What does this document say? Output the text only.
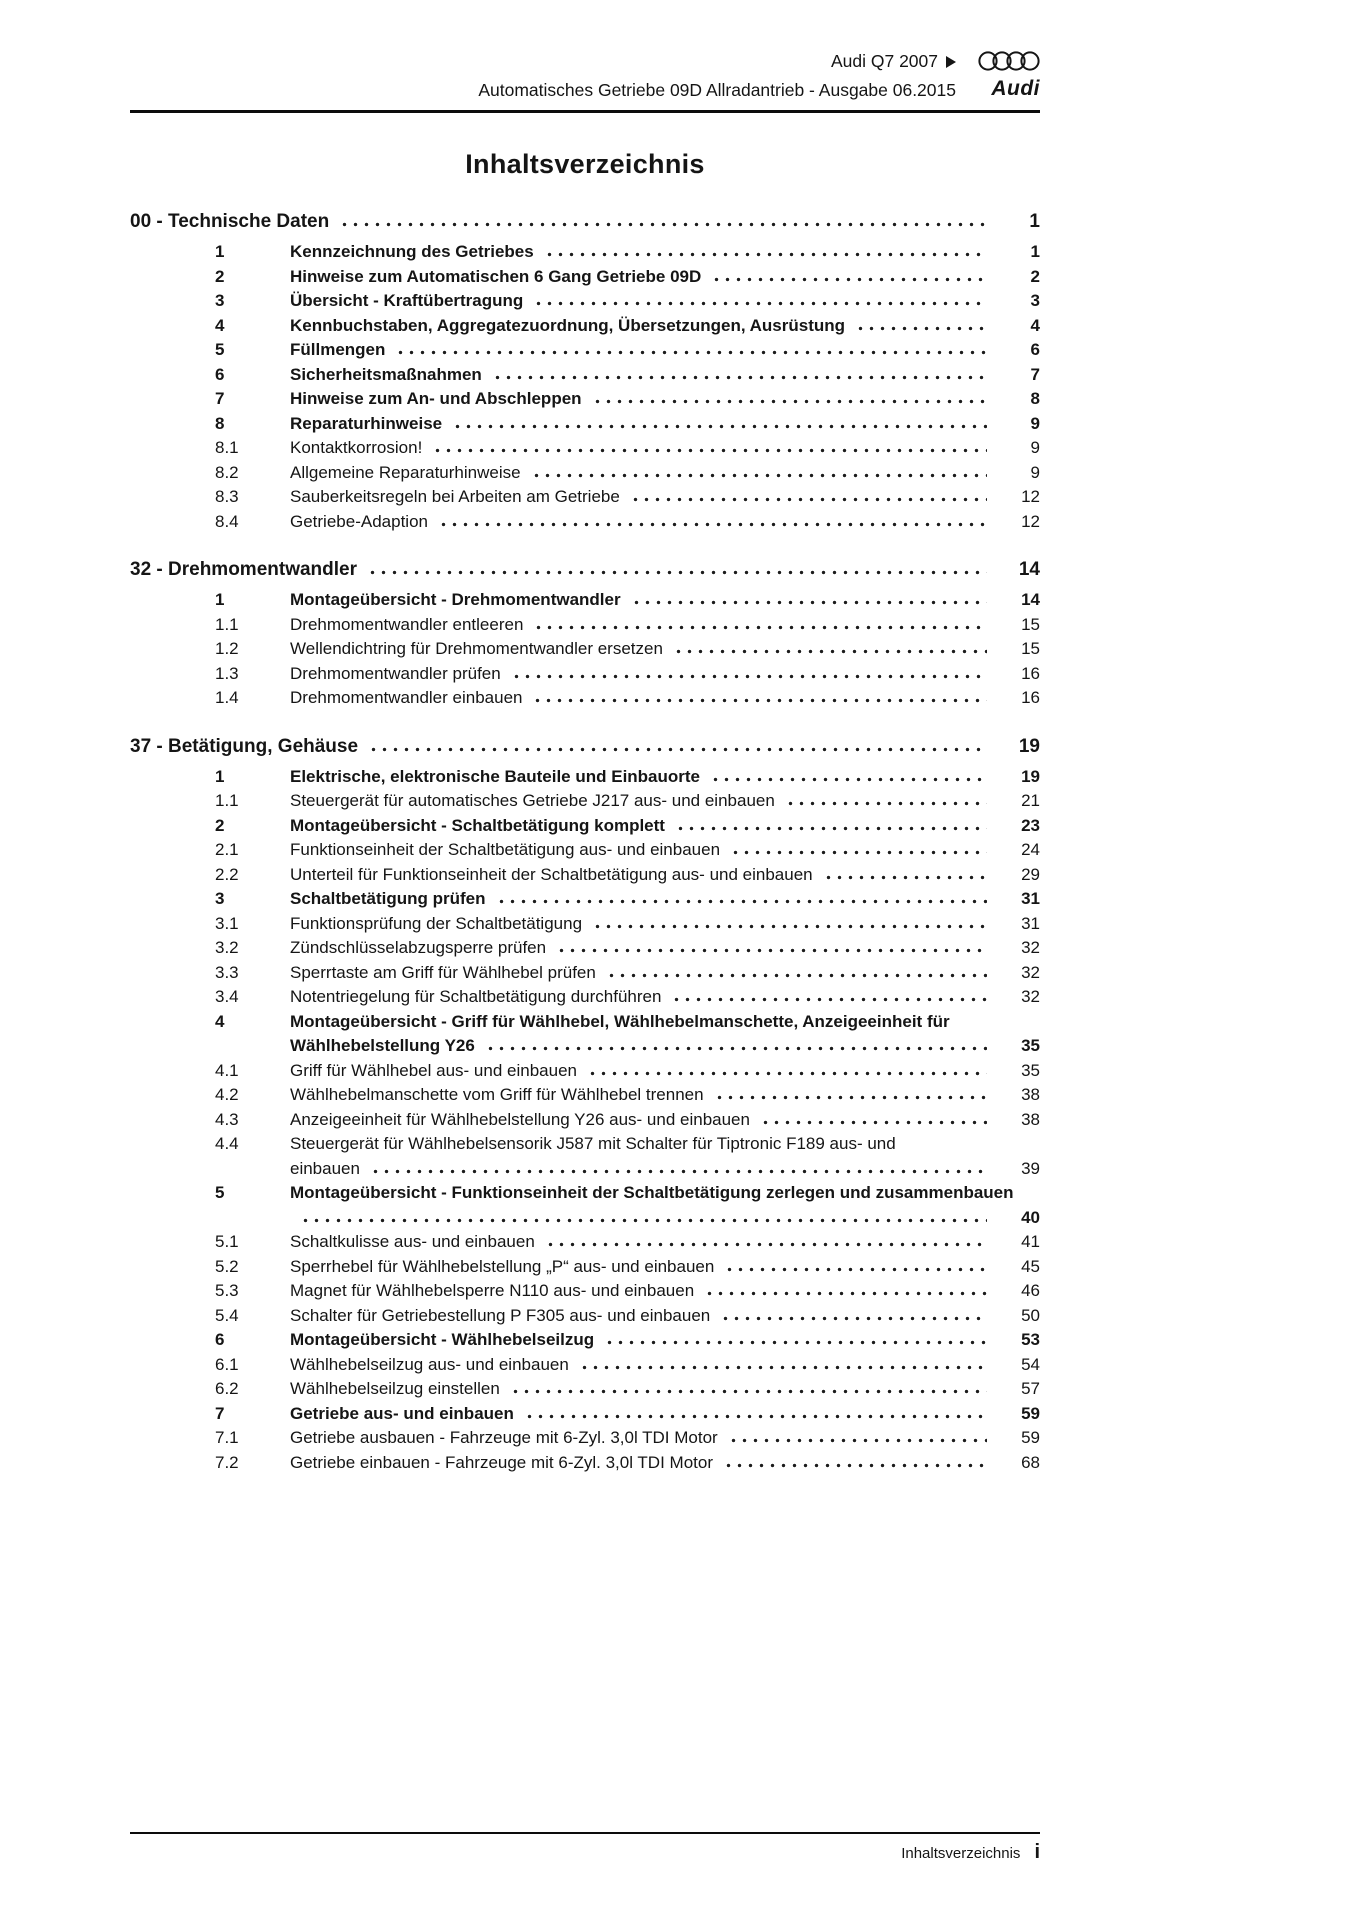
Audi Q7 2007
Automatisches Getriebe 09D Allradantrieb - Ausgabe 06.2015 Audi
Inhaltsverzeichnis
00 - Technische Daten	1
1	Kennzeichnung des Getriebes	1
2	Hinweise zum Automatischen 6 Gang Getriebe 09D	2
3	Übersicht - Kraftübertragung	3
4	Kennbuchstaben, Aggregatezuordnung, Übersetzungen, Ausrüstung	4
5	Füllmengen	6
6	Sicherheitsmaßnahmen	7
7	Hinweise zum An- und Abschleppen	8
8	Reparaturhinweise	9
8.1	Kontaktkorrosion!	9
8.2	Allgemeine Reparaturhinweise	9
8.3	Sauberkeitsregeln bei Arbeiten am Getriebe	12
8.4	Getriebe-Adaption	12
32 - Drehmomentwandler	14
1	Montageübersicht - Drehmomentwandler	14
1.1	Drehmomentwandler entleeren	15
1.2	Wellendichtring für Drehmomentwandler ersetzen	15
1.3	Drehmomentwandler prüfen	16
1.4	Drehmomentwandler einbauen	16
37 - Betätigung, Gehäuse	19
1	Elektrische, elektronische Bauteile und Einbauorte	19
1.1	Steuergerät für automatisches Getriebe J217 aus- und einbauen	21
2	Montageübersicht - Schaltbetätigung komplett	23
2.1	Funktionseinheit der Schaltbetätigung aus- und einbauen	24
2.2	Unterteil für Funktionseinheit der Schaltbetätigung aus- und einbauen	29
3	Schaltbetätigung prüfen	31
3.1	Funktionsprüfung der Schaltbetätigung	31
3.2	Zündschlüsselabzugsperre prüfen	32
3.3	Sperrtaste am Griff für Wählhebel prüfen	32
3.4	Notentriegelung für Schaltbetätigung durchführen	32
4	Montageübersicht - Griff für Wählhebel, Wählhebelmanschette, Anzeigeeinheit für
Wählhebelstellung Y26	35
4.1	Griff für Wählhebel aus- und einbauen	35
4.2	Wählhebelmanschette vom Griff für Wählhebel trennen	38
4.3	Anzeigeeinheit für Wählhebelstellung Y26 aus- und einbauen	38
4.4	Steuergerät für Wählhebelsensorik J587 mit Schalter für Tiptronic F189 aus- und
einbauen	39
5	Montageübersicht - Funktionseinheit der Schaltbetätigung zerlegen und zusammenbauen
40
5.1	Schaltkulisse aus- und einbauen	41
5.2	Sperrhebel für Wählhebelstellung „P“ aus- und einbauen	45
5.3	Magnet für Wählhebelsperre N110 aus- und einbauen	46
5.4	Schalter für Getriebestellung P F305 aus- und einbauen	50
6	Montageübersicht - Wählhebelseilzug	53
6.1	Wählhebelseilzug aus- und einbauen	54
6.2	Wählhebelseilzug einstellen	57
7	Getriebe aus- und einbauen	59
7.1	Getriebe ausbauen - Fahrzeuge mit 6-Zyl. 3,0l TDI Motor	59
7.2	Getriebe einbauen - Fahrzeuge mit 6-Zyl. 3,0l TDI Motor	68
Inhaltsverzeichnis i
